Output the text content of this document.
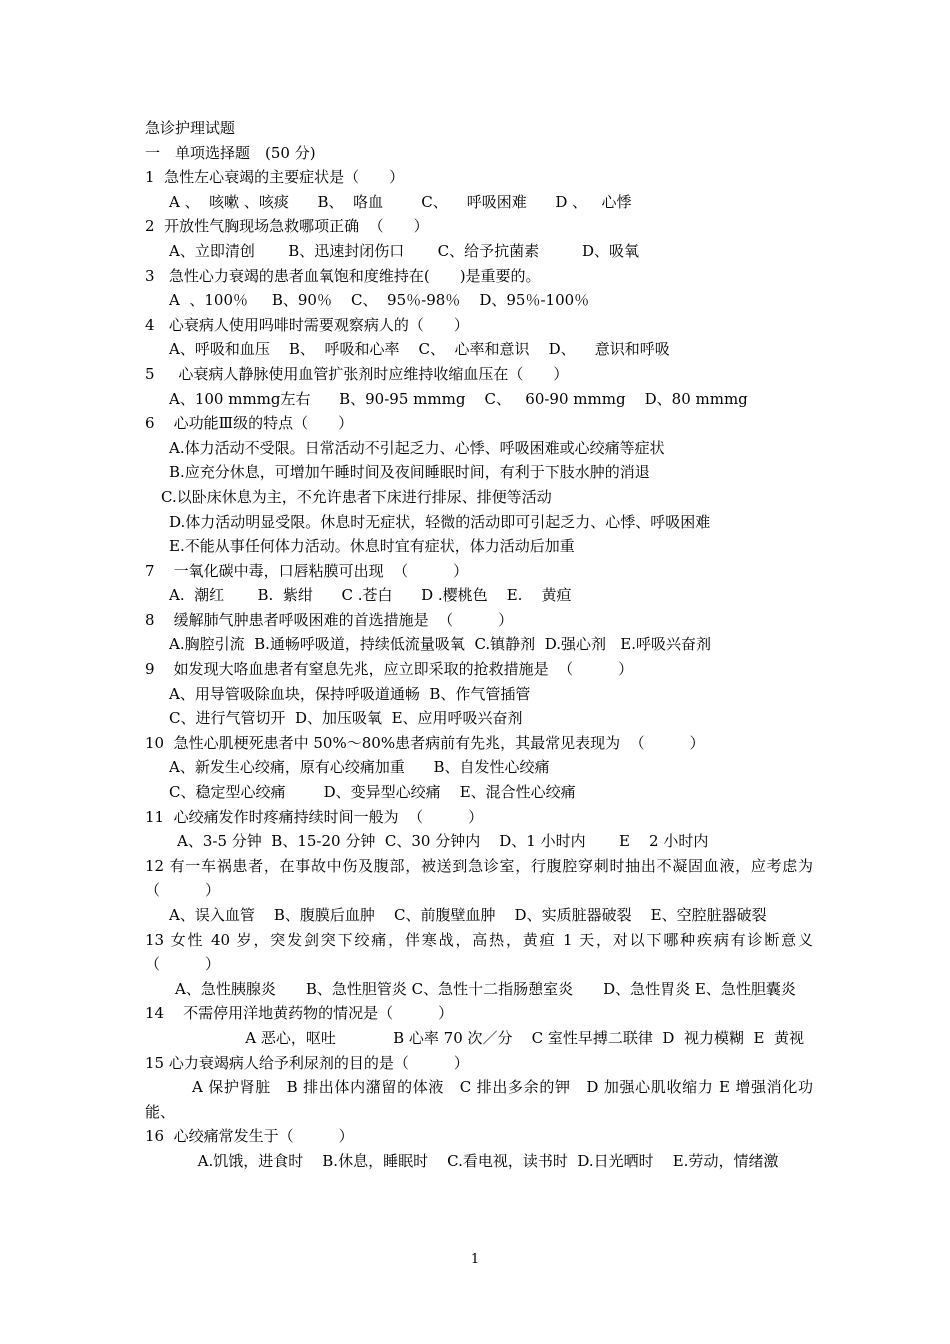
急诊护理试题
一　单项选择题　(50 分)
1  急性左心衰竭的主要症状是（　　）
A 、  咳嗽 、咳痰      B、  咯血        C、    呼吸困难      D 、   心悸
2  开放性气胸现场急救哪项正确  （　　）
A、立即清创       B、迅速封闭伤口       C、给予抗菌素         D、吸氧
3   急性心力衰竭的患者血氧饱和度维持在(　　)是重要的。
A  、100％     B、90％    C、  95％-98％    D、95％-100％
4   心衰病人使用吗啡时需要观察病人的（　　）
A、呼吸和血压    B、  呼吸和心率    C、  心率和意识    D、    意识和呼吸
5     心衰病人静脉使用血管扩张剂时应维持收缩血压在（　　）
A、100 mmmg左右      B、90-95 mmmg    C、   60-90 mmmg    D、80 mmmg
6    心功能Ⅲ级的特点（　　）
A.体力活动不受限。日常活动不引起乏力、心悸、呼吸困难或心绞痛等症状
B.应充分休息，可增加午睡时间及夜间睡眠时间，有利于下肢水肿的消退
C.以卧床休息为主，不允许患者下床进行排尿、排便等活动
D.体力活动明显受限。休息时无症状，轻微的活动即可引起乏力、心悸、呼吸困难
E.不能从事任何体力活动。休息时宜有症状，体力活动后加重
7    一氧化碳中毒，口唇粘膜可出现  （　　　）
A.  潮红       B.  紫绀      C .苍白      D .樱桃色    E.    黄疸
8    缓解肺气肿患者呼吸困难的首选措施是  （　　　）
A.胸腔引流  B.通畅呼吸道，持续低流量吸氧  C.镇静剂  D.强心剂   E.呼吸兴奋剂
9    如发现大咯血患者有窒息先兆，应立即采取的抢救措施是  （　　　）
A、用导管吸除血块，保持呼吸道通畅  B、作气管插管
C、进行气管切开  D、加压吸氧  E、应用呼吸兴奋剂
10  急性心肌梗死患者中 50%～80%患者病前有先兆，其最常见表现为  （　　　）
A、新发生心绞痛，原有心绞痛加重      B、自发性心绞痛
C、稳定型心绞痛        D、变异型心绞痛    E、混合性心绞痛
11  心绞痛发作时疼痛持续时间一般为  （　　　）
A、3-5 分钟  B、15-20 分钟  C、30 分钟内    D、1 小时内       E    2 小时内
12 有一车祸患者，在事故中伤及腹部，被送到急诊室，行腹腔穿刺时抽出不凝固血液，应考虑为（　　　）
A、误入血管    B、腹膜后血肿    C、前腹壁血肿    D、实质脏器破裂    E、空腔脏器破裂
13 女性 40 岁，突发剑突下绞痛，伴寒战，高热，黄疸 1 天，对以下哪种疾病有诊断意义 （　　　）
　　A、急性胰腺炎　　B、急性胆管炎 C、急性十二指肠憩室炎　　D、急性胃炎 E、急性胆囊炎
14    不需停用洋地黄药物的情况是（　　　）
A 恶心，呕吐            B 心率 70 次／分    C 室性早搏二联律  D  视力模糊  E  黄视
15 心力衰竭病人给予利尿剂的目的是（　　　）
　　　A 保护肾脏　B 排出体内潴留的体液　C 排出多余的钾　D 加强心肌收缩力 E 增强消化功能、
16  心绞痛常发生于（　　　）
A.饥饿，进食时    B.休息，睡眠时    C.看电视，读书时  D.日光晒时    E.劳动，情绪激
1
